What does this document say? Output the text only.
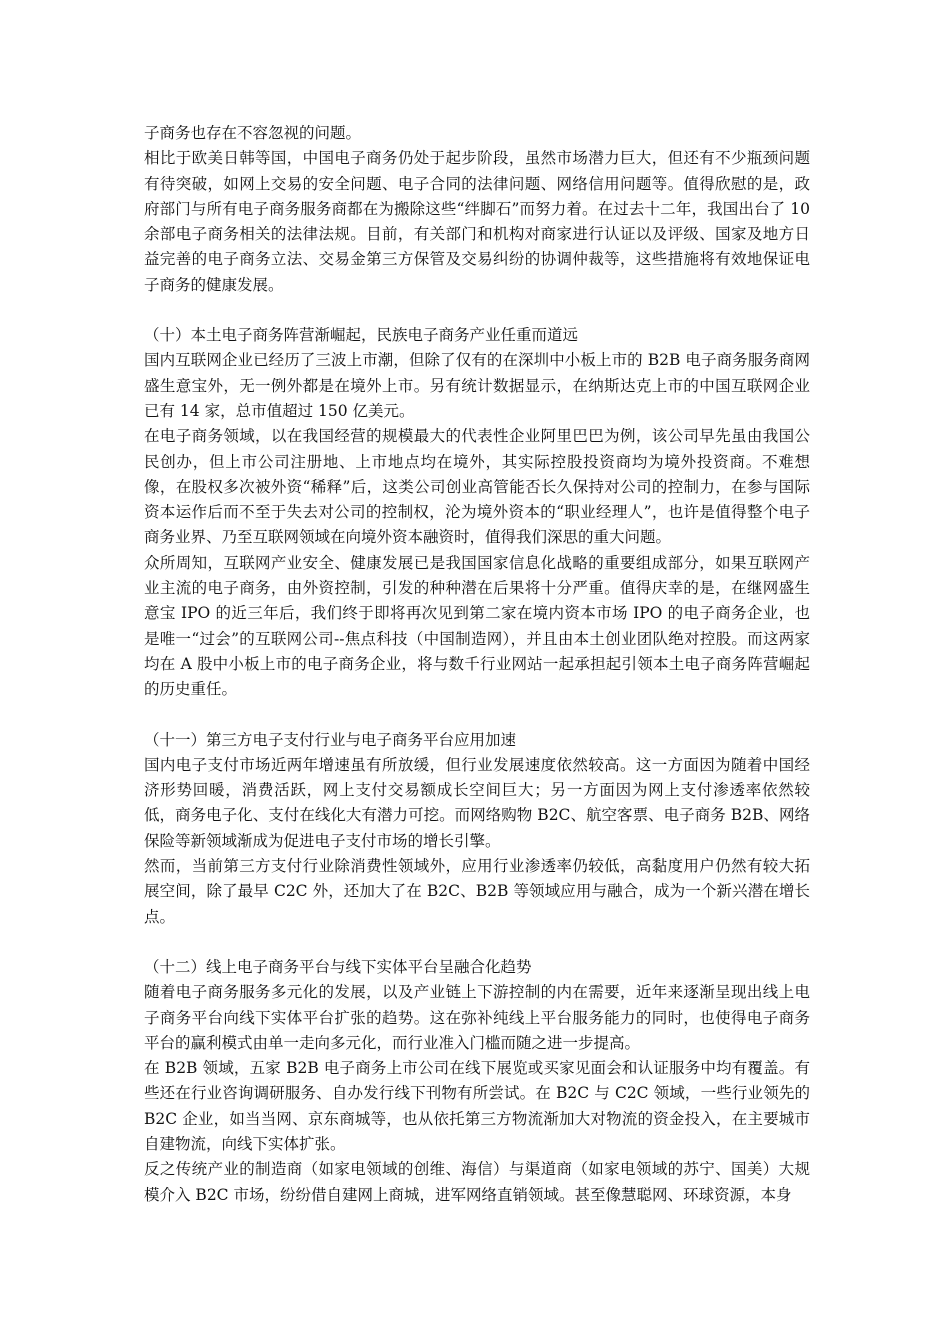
子商务也存在不容忽视的问题。

相比于欧美日韩等国，中国电子商务仍处于起步阶段，虽然市场潜力巨大，但还有不少瓶颈问题有待突破，如网上交易的安全问题、电子合同的法律问题、网络信用问题等。值得欣慰的是，政府部门与所有电子商务服务商都在为搬除这些“绊脚石”而努力着。在过去十二年，我国出台了 10 余部电子商务相关的法律法规。目前，有关部门和机构对商家进行认证以及评级、国家及地方日益完善的电子商务立法、交易金第三方保管及交易纠纷的协调仲裁等，这些措施将有效地保证电子商务的健康发展。

（十）本土电子商务阵营渐崛起，民族电子商务产业任重而道远

国内互联网企业已经历了三波上市潮，但除了仅有的在深圳中小板上市的 B2B 电子商务服务商网盛生意宝外，无一例外都是在境外上市。另有统计数据显示，在纳斯达克上市的中国互联网企业已有 14 家，总市值超过 150 亿美元。

在电子商务领域，以在我国经营的规模最大的代表性企业阿里巴巴为例，该公司早先虽由我国公民创办，但上市公司注册地、上市地点均在境外，其实际控股投资商均为境外投资商。不难想像，在股权多次被外资“稀释”后，这类公司创业高管能否长久保持对公司的控制力，在参与国际资本运作后而不至于失去对公司的控制权，沦为境外资本的“职业经理人”，也许是值得整个电子商务业界、乃至互联网领域在向境外资本融资时，值得我们深思的重大问题。

众所周知，互联网产业安全、健康发展已是我国国家信息化战略的重要组成部分，如果互联网产业主流的电子商务，由外资控制，引发的种种潜在后果将十分严重。值得庆幸的是，在继网盛生意宝 IPO 的近三年后，我们终于即将再次见到第二家在境内资本市场 IPO 的电子商务企业，也是唯一“过会”的互联网公司--焦点科技（中国制造网），并且由本土创业团队绝对控股。而这两家均在 A 股中小板上市的电子商务企业，将与数千行业网站一起承担起引领本土电子商务阵营崛起的历史重任。

（十一）第三方电子支付行业与电子商务平台应用加速

国内电子支付市场近两年增速虽有所放缓，但行业发展速度依然较高。这一方面因为随着中国经济形势回暖，消费活跃，网上支付交易额成长空间巨大；另一方面因为网上支付渗透率依然较低，商务电子化、支付在线化大有潜力可挖。而网络购物 B2C、航空客票、电子商务 B2B、网络保险等新领域渐成为促进电子支付市场的增长引擎。

然而，当前第三方支付行业除消费性领域外，应用行业渗透率仍较低，高黏度用户仍然有较大拓展空间，除了最早 C2C 外，还加大了在 B2C、B2B 等领域应用与融合，成为一个新兴潜在增长点。

（十二）线上电子商务平台与线下实体平台呈融合化趋势

随着电子商务服务多元化的发展，以及产业链上下游控制的内在需要，近年来逐渐呈现出线上电子商务平台向线下实体平台扩张的趋势。这在弥补纯线上平台服务能力的同时，也使得电子商务平台的赢利模式由单一走向多元化，而行业准入门槛而随之进一步提高。

在 B2B 领域，五家 B2B 电子商务上市公司在线下展览或买家见面会和认证服务中均有覆盖。有些还在行业咨询调研服务、自办发行线下刊物有所尝试。在 B2C 与 C2C 领域，一些行业领先的 B2C 企业，如当当网、京东商城等，也从依托第三方物流渐加大对物流的资金投入，在主要城市自建物流，向线下实体扩张。

反之传统产业的制造商（如家电领域的创维、海信）与渠道商（如家电领域的苏宁、国美）大规模介入 B2C 市场，纷纷借自建网上商城，进军网络直销领域。甚至像慧聪网、环球资源，本身
